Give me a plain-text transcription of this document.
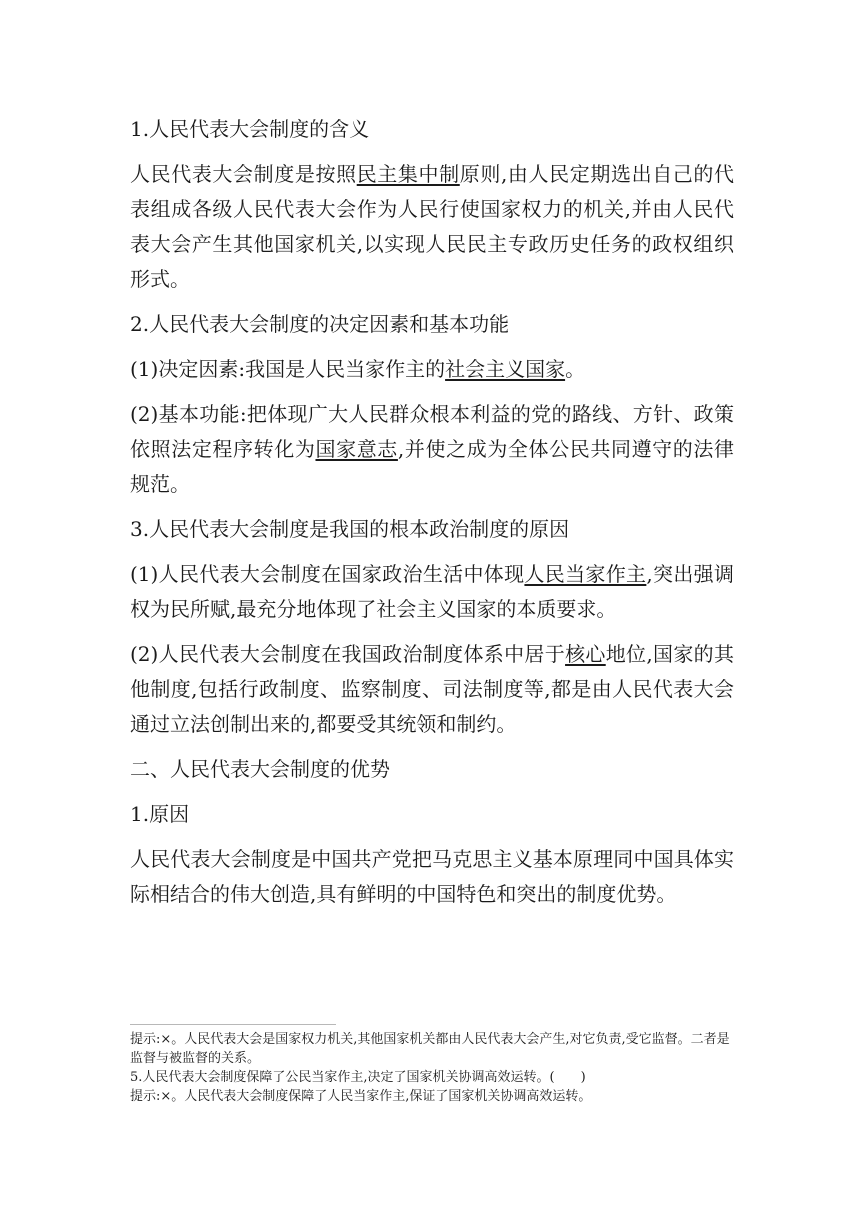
1.人民代表大会制度的含义

人民代表大会制度是按照民主集中制原则,由人民定期选出自己的代表组成各级人民代表大会作为人民行使国家权力的机关,并由人民代表大会产生其他国家机关,以实现人民民主专政历史任务的政权组织形式。

2.人民代表大会制度的决定因素和基本功能

(1)决定因素:我国是人民当家作主的社会主义国家。

(2)基本功能:把体现广大人民群众根本利益的党的路线、方针、政策依照法定程序转化为国家意志,并使之成为全体公民共同遵守的法律规范。

3.人民代表大会制度是我国的根本政治制度的原因

(1)人民代表大会制度在国家政治生活中体现人民当家作主,突出强调权为民所赋,最充分地体现了社会主义国家的本质要求。

(2)人民代表大会制度在我国政治制度体系中居于核心地位,国家的其他制度,包括行政制度、监察制度、司法制度等,都是由人民代表大会通过立法创制出来的,都要受其统领和制约。

二、人民代表大会制度的优势

1.原因

人民代表大会制度是中国共产党把马克思主义基本原理同中国具体实际相结合的伟大创造,具有鲜明的中国特色和突出的制度优势。

提示:×。人民代表大会是国家权力机关,其他国家机关都由人民代表大会产生,对它负责,受它监督。二者是监督与被监督的关系。

5.人民代表大会制度保障了公民当家作主,决定了国家机关协调高效运转。(　　)

提示:×。人民代表大会制度保障了人民当家作主,保证了国家机关协调高效运转。
